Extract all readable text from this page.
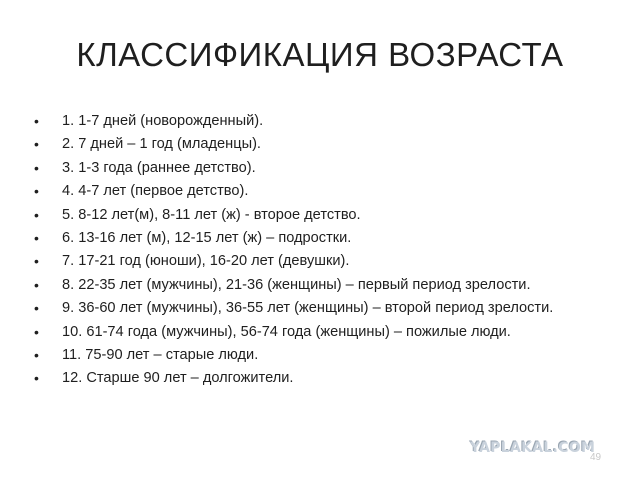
КЛАССИФИКАЦИЯ ВОЗРАСТА
• 1. 1-7 дней (новорожденный).
• 2. 7 дней – 1 год (младенцы).
• 3. 1-3 года (раннее детство).
• 4. 4-7 лет (первое детство).
• 5. 8-12 лет(м), 8-11 лет (ж) - второе детство.
• 6. 13-16 лет (м), 12-15 лет (ж) – подростки.
• 7. 17-21 год (юноши), 16-20 лет (девушки).
• 8. 22-35 лет (мужчины), 21-36 (женщины) – первый период зрелости.
• 9. 36-60 лет (мужчины), 36-55 лет (женщины) – второй период зрелости.
• 10. 61-74 года (мужчины), 56-74 года (женщины) – пожилые люди.
• 11. 75-90 лет – старые люди.
• 12. Старше 90 лет – долгожители.
YAPLAKAL.COM
49
